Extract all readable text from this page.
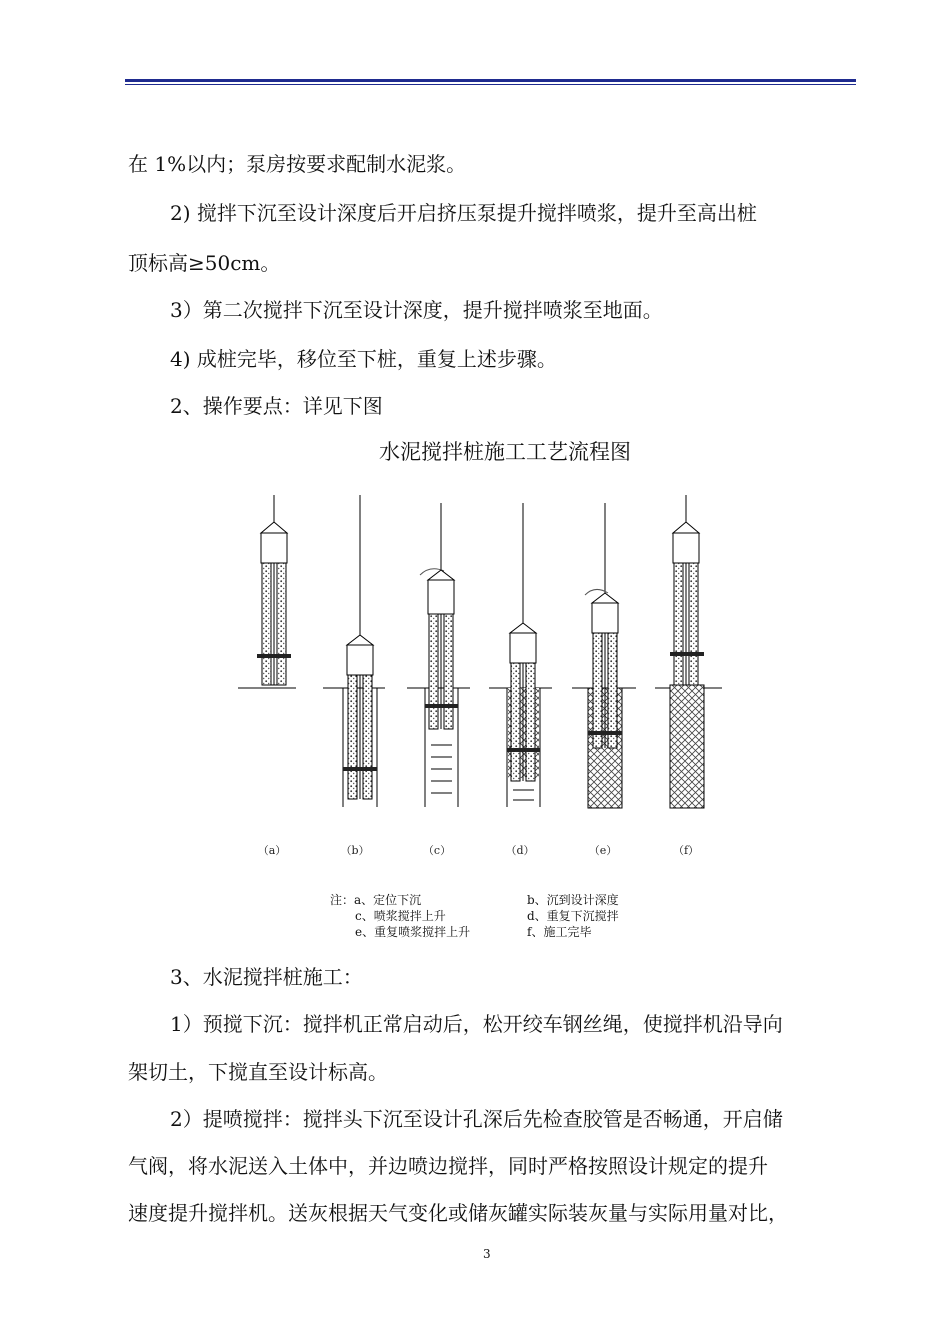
在 1%以内；泵房按要求配制水泥浆。
2) 搅拌下沉至设计深度后开启挤压泵提升搅拌喷浆，提升至高出桩
顶标高≥50cm。
3）第二次搅拌下沉至设计深度，提升搅拌喷浆至地面。
4) 成桩完毕，移位至下桩，重复上述步骤。
2、操作要点：详见下图
水泥搅拌桩施工工艺流程图
（a）	（b）	（c）	（d）	（e）	（f）
注：a、定位下沉	b、沉到设计深度
c、喷浆搅拌上升	d、重复下沉搅拌
e、重复喷浆搅拌上升	f、施工完毕
3、水泥搅拌桩施工：
1）预搅下沉：搅拌机正常启动后，松开绞车钢丝绳，使搅拌机沿导向
架切土，下搅直至设计标高。
2）提喷搅拌：搅拌头下沉至设计孔深后先检查胶管是否畅通，开启储
气阀，将水泥送入土体中，并边喷边搅拌，同时严格按照设计规定的提升
速度提升搅拌机。送灰根据天气变化或储灰罐实际装灰量与实际用量对比，
3
